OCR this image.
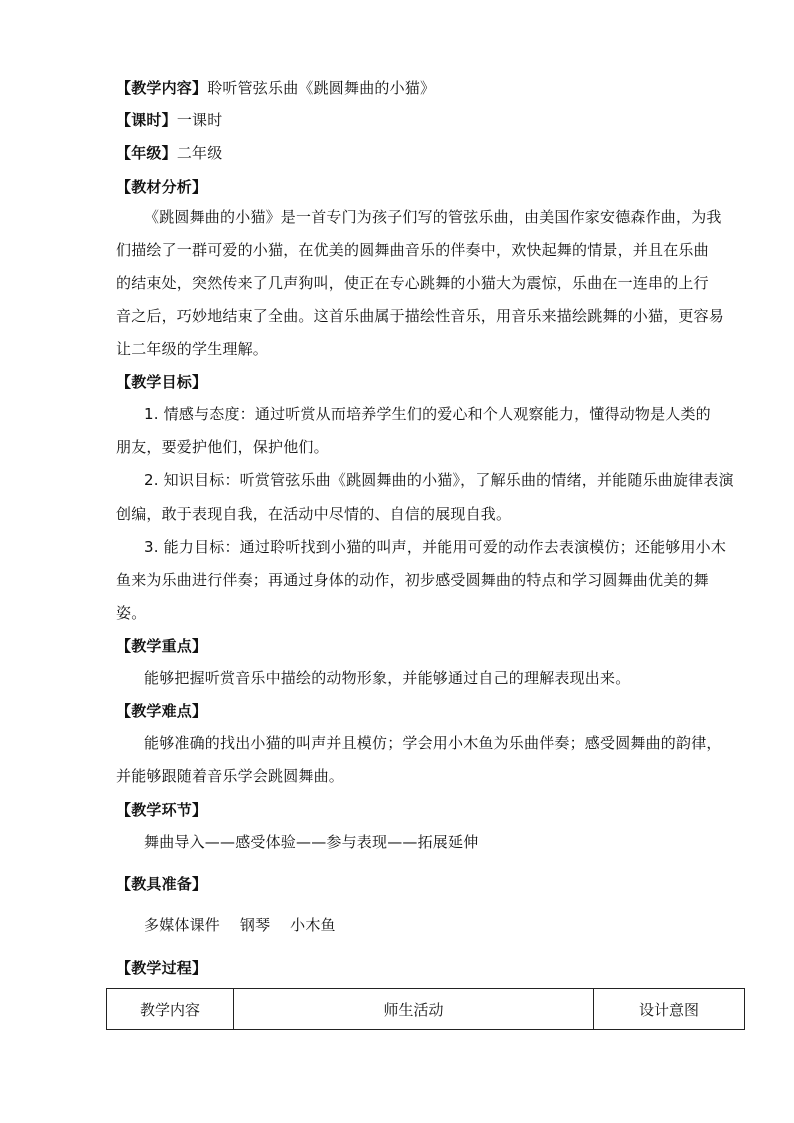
【教学内容】聆听管弦乐曲《跳圆舞曲的小猫》
【课时】一课时
【年级】二年级
【教材分析】
《跳圆舞曲的小猫》是一首专门为孩子们写的管弦乐曲，由美国作家安德森作曲，为我
们描绘了一群可爱的小猫，在优美的圆舞曲音乐的伴奏中，欢快起舞的情景，并且在乐曲
的结束处，突然传来了几声狗叫，使正在专心跳舞的小猫大为震惊，乐曲在一连串的上行
音之后，巧妙地结束了全曲。这首乐曲属于描绘性音乐，用音乐来描绘跳舞的小猫，更容易
让二年级的学生理解。
【教学目标】
1. 情感与态度：通过听赏从而培养学生们的爱心和个人观察能力，懂得动物是人类的
朋友，要爱护他们，保护他们。
2. 知识目标：听赏管弦乐曲《跳圆舞曲的小猫》，了解乐曲的情绪，并能随乐曲旋律表演
创编，敢于表现自我，在活动中尽情的、自信的展现自我。
3. 能力目标：通过聆听找到小猫的叫声，并能用可爱的动作去表演模仿；还能够用小木
鱼来为乐曲进行伴奏；再通过身体的动作，初步感受圆舞曲的特点和学习圆舞曲优美的舞
姿。
【教学重点】
能够把握听赏音乐中描绘的动物形象，并能够通过自己的理解表现出来。
【教学难点】
能够准确的找出小猫的叫声并且模仿；学会用小木鱼为乐曲伴奏；感受圆舞曲的韵律，
并能够跟随着音乐学会跳圆舞曲。
【教学环节】
舞曲导入——感受体验——参与表现——拓展延伸
【教具准备】
多媒体课件    钢琴    小木鱼
【教学过程】
教学内容	师生活动	设计意图
